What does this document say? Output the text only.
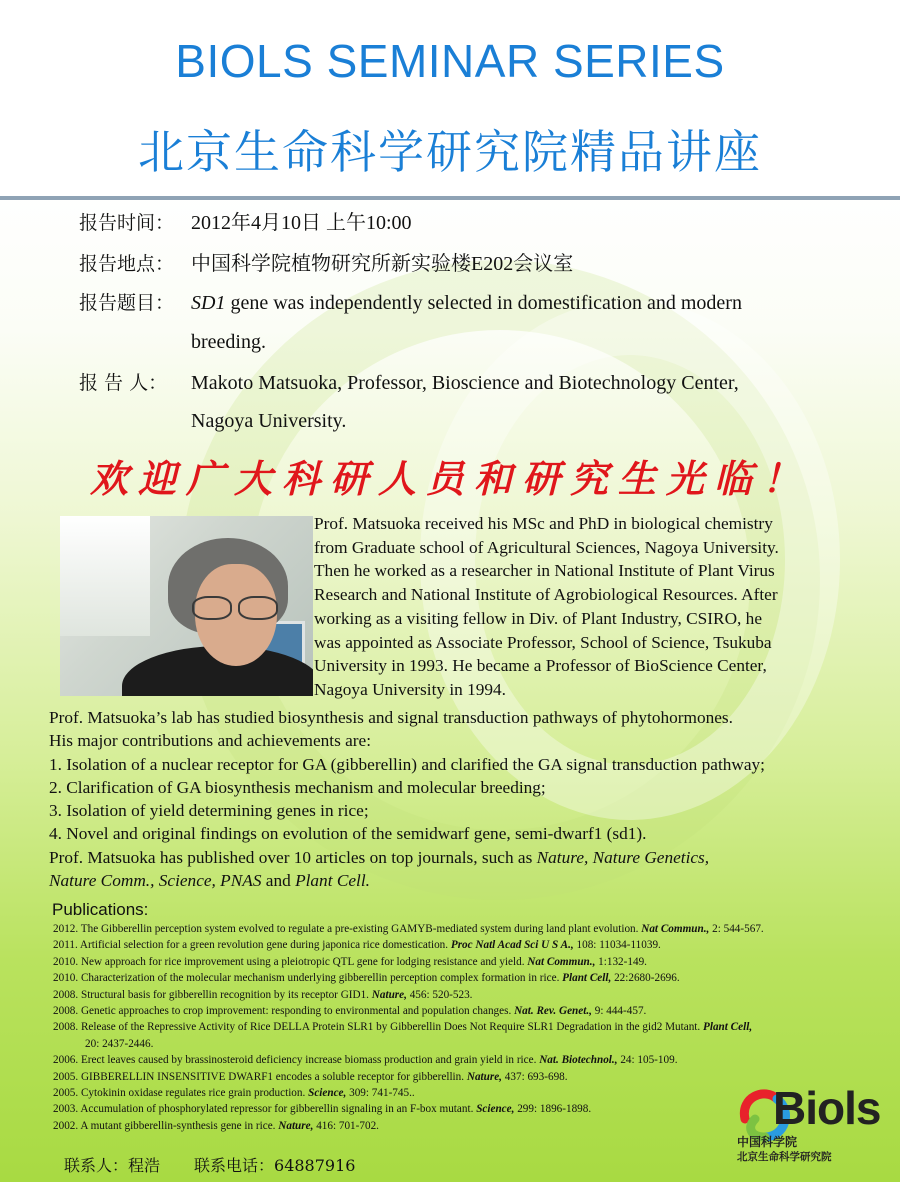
BIOLS SEMINAR SERIES
北京生命科学研究院精品讲座
报告时间： 2012年4月10日 上午10:00
报告地点： 中国科学院植物研究所新实验楼E202会议室
报告题目： SD1 gene was independently selected in domestification and modern
breeding.
报 告 人： Makoto Matsuoka, Professor, Bioscience and Biotechnology Center,
Nagoya University.
欢迎广大科研人员和研究生光临！

Prof. Matsuoka received his MSc and PhD in biological chemistry

from Graduate school of Agricultural Sciences, Nagoya University.

Then he worked as a researcher in National Institute of Plant Virus

Research and National Institute of Agrobiological Resources. After

working as a visiting fellow in Div. of Plant Industry, CSIRO, he

was appointed as Associate Professor, School of Science, Tsukuba

University in 1993. He became a Professor of BioScience Center,

Nagoya University in 1994.

Prof. Matsuoka’s lab has studied biosynthesis and signal transduction pathways of phytohormones.
His major contributions and achievements are:
1. Isolation of a nuclear receptor for GA (gibberellin) and clarified the GA signal transduction pathway;
2. Clarification of GA biosynthesis mechanism and molecular breeding;
3. Isolation of yield determining genes in rice;
4. Novel and original findings on evolution of the semidwarf gene, semi-dwarf1 (sd1).
Prof. Matsuoka has published over 10 articles on top journals, such as Nature, Nature Genetics,
Nature Comm., Science, PNAS and Plant Cell.
Publications:
2012. The Gibberellin perception system evolved to regulate a pre-existing GAMYB-mediated system during land plant evolution. Nat Commun., 2: 544-567.
2011. Artificial selection for a green revolution gene during japonica rice domestication. Proc Natl Acad Sci U S A., 108: 11034-11039.
2010. New approach for rice improvement using a pleiotropic QTL gene for lodging resistance and yield. Nat Commun., 1:132-149.
2010. Characterization of the molecular mechanism underlying gibberellin perception complex formation in rice. Plant Cell, 22:2680-2696.
2008. Structural basis for gibberellin recognition by its receptor GID1. Nature, 456: 520-523.
2008. Genetic approaches to crop improvement: responding to environmental and population changes. Nat. Rev. Genet., 9: 444-457.
2008. Release of the Repressive Activity of Rice DELLA Protein SLR1 by Gibberellin Does Not Require SLR1 Degradation in the gid2 Mutant. Plant Cell,
20: 2437-2446.
2006. Erect leaves caused by brassinosteroid deficiency increase biomass production and grain yield in rice. Nat. Biotechnol., 24: 105-109.
2005. GIBBERELLIN INSENSITIVE DWARF1 encodes a soluble receptor for gibberellin. Nature, 437: 693-698.
2005. Cytokinin oxidase regulates rice grain production. Science, 309: 741-745..
2003. Accumulation of phosphorylated repressor for gibberellin signaling in an F-box mutant. Science, 299: 1896-1898.
2002. A mutant gibberellin-synthesis gene in rice. Nature, 416: 701-702.
联系人：程浩 联系电话：64887916
Biols
中国科学院
北京生命科学研究院
